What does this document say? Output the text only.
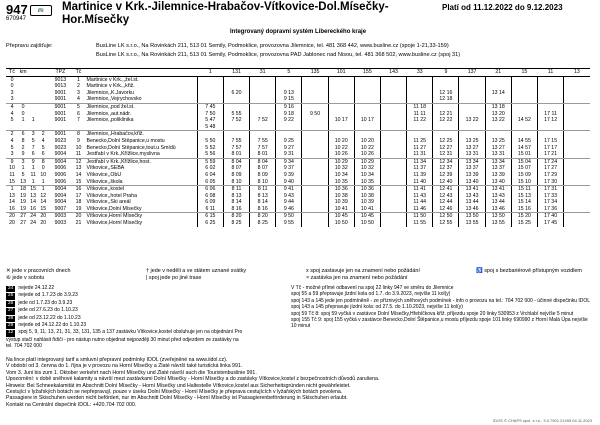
947	🚌
670947
Martinice v Krk.-Jilemnice-Hrabačov-Vítkovice-Dol.Mísečky-Hor.Mísečky
Platí od 11.12.2022 do 9.12.2023
Integrovaný dopravní systém Libereckého kraje
Přepravu zajišťuje:	BusLine LK s.r.o., Na Rovinkách 211, 513 01 Semily, Podmoklice, provozovna Jilemnice, tel. 481 368 442, www.busline.cz (spoje 1-21,33-159)
BusLine LK s.r.o., Na Rovinkách 211, 513 01 Semily, Podmoklice, provozovna PAD Jablonec nad Nisou, tel. 481 368 502, www.busline.cz (spoj 31)
Tč	km			TPZ	Tč		1	131	31	5	135	101	155	143	33	9	137	21	15	11	13
0				9013	1	Martinice v Krk.,,žel.st.															
0				9013	2	Martinice v Krk.,,křiž.															
3				9001	3	Jilemnice,,K.Javorku		6 20		9 13						12 16		13 14			
3				9001	4	Jilemnice,,Vejrychovsko				9 15						12 18					
4	0			9001	5	Jilemnice,,pod žel.st.	7 45			9 16					11 18			13 18			
4	0			9001	6	Jilemnice,,aut.nádr.	7 50	5 55		9 18	9 50				11 11	12 21		13 20		17 11	
5	1	1		9001	7	Jilemnice,,poliklinika	5 47	7 52	7 52	9 22		10 17	10 17		11 22	12 22	13 22	13 22	14 52	17 12	
							5 48														
2	6	3	2	9001	8	Jilemnice,,Hrabačov,křiž.															
4	8	5	4	9023	9	Benecko,Dolní Štěpanice,u mostu	5 50	7 55	7 55	9 25		10 20	10 20		11 25	12 25	13 25	13 25	14 55	17 15	
5	2	7	5	9023	10	Benecko,Dolní Štěpanice,tout.u Šmídů	5 52	7 57	7 57	9 27		10 22	10 22		11 27	12 27	13 27	13 27	14 57	17 17	
3	9	6	6	9004	11	Jestřabí v Krk.,Křížlice,myslivna	5 56	8 01	8 01	9 31		10 26	10 26		11 31	12 31	13 31	13 31	15 01	17 21	
9	3	9	8	9004	12	Jestřabí v Krk.,Křížlice,host.	5 59	8 04	8 04	9 34		10 29	10 29		11 34	12 34	13 34	13 34	15 04	17 24	
10	1	1	0	9006	13	Vítkovice,,SEBA	6 02	8 07	8 07	9 37		10 32	10 32		11 37	12 37	13 37	13 37	15 07	17 27	
11	5	11	10	9006	14	Vítkovice,,ObÚ	6 04	8 09	8 09	9 39		10 34	10 34		11 39	12 39	13 39	13 39	15 09	17 29	
15	13	1	1	9006	15	Vítkovice,,škola	6 05	8 10	8 10	9 40		10 35	10 35		11 40	12 40	13 40	13 40	15 10	17 30	
1	18	15	1	9004	16	Vítkovice,,kostel	6 06	8 11	8 11	9 41		10 36	10 36		11 41	12 41	13 41	13 41	15 11	17 31	
13	19	13	12	9004	17	Vítkovice,,hotel Praha	6 08	8 13	8 13	9 43		10 38	10 38		11 43	12 43	13 43	13 43	15 13	17 33	
14	19	14	14	9004	18	Vítkovice,,Ski areál	6 09	8 14	8 14	9 44		10 39	10 39		11 44	12 44	13 44	13 44	15 14	17 34	
16	19	16	15	9007	19	Vítkovice,Dolní Mísečky	6 11	8 16	8 16	9 46		10 41	10 41		11 46	12 46	13 46	13 46	15 16	17 36	
20	27	24	20	9003	20	Vítkovice,Horní Mísečky	6 15	8 20	8 20	9 50		10 45	10 45		11 50	12 50	13 50	13 50	15 20	17 40	
20	27	24	20	9003	21	Vítkovice,Horní Mísečky	6 25	8 25	8 25	9 55		10 50	10 50		11 55	12 55	13 55	13 55	15 25	17 45	
✕ jede v pracovních dnech
⑥ jede v sobotu
† jede v neděli a ve státem uznané svátky
| spoj jede po jiné trase
x spoj zastavuje jen na znamení nebo požádání
× zastávka jen na znamení nebo požádání
♿ spoj s bezbariérově přístupným vozidlem
24 nejede 24.12.22
25 nejede od 1.7.23 do 3.9.23
26 jede od 1.7.23 do 3.9.23
27 jede od 27.6.23 do 1.10.23
28 jede od 23.12.22 do 1.10.23
29 nejede od 24.12.22 do 1.10.23
12 spoj 5, 9, 11, 13, 21, 31, 33, 131, 135 a 137 zastávku Vítkovice,kostel obsluhuje jen na objednání Pro výstup stačí nahlásit řidiči - pro nástup nutno objednat nejpozději 30 minut před odjezdem ze zastávky na tel. 704 702 000
V Tč - možné přímé odbavení na spoj 22 linky 947 ve směru do Jilemnice
spoj 55 a 59 přepravuje jízdní kola od 1.7. do 3.9.2023, nejvíše 11 kol(y)
spoj 143 a 145 jede jen podmíněně - ze příznivých sněhových podmínek - info o provozu na tel.: 704 702 000 - účinné dispečinku IDOL
spoj 143 a 145 přepravuje jízdní kola: od 27.5. do 1.10.2023, nejvíše 11 kol(y)
spoj 59 Tč 8: spoj 59 vyčká v zastávce Dolní Mísečky,Hřebíčkova křiž. příjezdu spoje 20 linky 530953 z Vrchlabí nejvíše 5 minut
spoj 155 Tč 9: spoj 155 vyčká v zastávce Benecko,Dolní Štěpanice,u mostu příjezdu spoje 101 linky 690990 z Horní Malá Úpa nejvíše 10 minut
Na lince platí integrovaný tarif a smluvní přepravní podmínky IDOL (zveřejněné na www.iidol.cz).
V období od 3. června do 1. října je v provozu na Horní Mísečky a Zlaté návrší také turistická linka 991.
Vom 3. Juni bis zum 1. Oktober verkehrt nach Horní Mísečky und Zlaté návrší auch die Touristenbuslinie 991.
Upozornění: v době sněhové kalamity a návrší mezi zastávkami Dolní Mísečky - Horní Mísečky a do zastávky Vítkovice,kostel z bezpečnostních důvodů zarušena.
Hinweis: Bei Schneekalamität im Abschnitt Dolní Mísečky - Horní Mísečky und Haltestelle Vítkovice,kostel aus Sicherheitsgründen nicht gewährleistet.
Cestující v lyžařských botách se nepřepravují, pouze v úseku Dolní Mísečky - Horní Mísečky je přeprava cestujících v lyžařských botách povolena.
Passagiere in Skischuhen werden nicht befördert, nur im Abschnitt Dolní Mísečky - Horní Mísečky ist Passagierenbeförderung in Skischuhen erlaubt.
Kontakt na Centrální dispečink IDOL: +420.704 702 000.
IDOS © CHAPS spol. s r.o., 3.0.7901.21495 04.11.2023
